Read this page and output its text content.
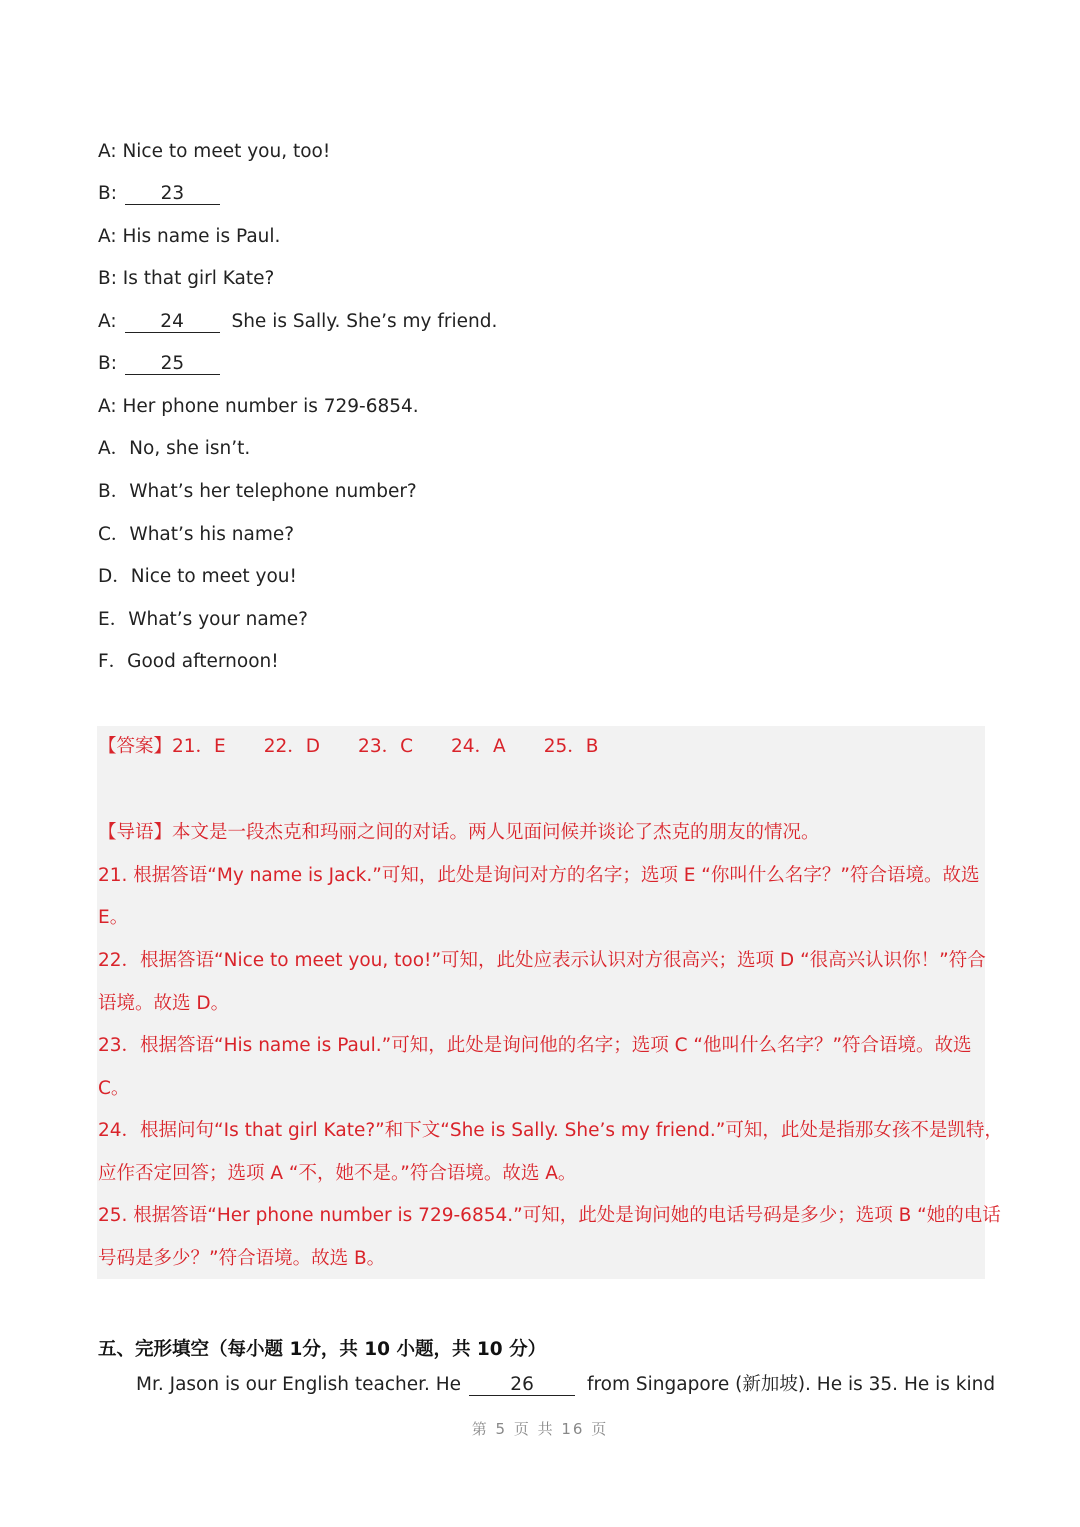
A: Nice to meet you, too!
B: 23
A: His name is Paul.
B: Is that girl Kate?
A: 24	She is Sally. She’s my friend.
B: 25
A: Her phone number is 729-6854.
A．No, she isn’t.
B．What’s her telephone number?
C．What’s his name?
D．Nice to meet you!
E．What’s your name?
F．Good afternoon!
【答案】21．E 22．D 23．C 24．A 25．B
【导语】本文是一段杰克和玛丽之间的对话。两人见面问候并谈论了杰克的朋友的情况。
21. 根据答语“My name is Jack.”可知，此处是询问对方的名字；选项 E “你叫什么名字？”符合语境。故选
E。
22．根据答语“Nice to meet you, too!”可知，此处应表示认识对方很高兴；选项 D “很高兴认识你！”符合
语境。故选 D。
23．根据答语“His name is Paul.”可知，此处是询问他的名字；选项 C “他叫什么名字？”符合语境。故选
C。
24．根据问句“Is that girl Kate?”和下文“She is Sally. She’s my friend.”可知，此处是指那女孩不是凯特，
应作否定回答；选项 A “不，她不是。”符合语境。故选 A。
25. 根据答语“Her phone number is 729-6854.”可知，此处是询问她的电话号码是多少；选项 B “她的电话
号码是多少？”符合语境。故选 B。
五、完形填空（每小题 1分，共 10 小题，共 10 分）
Mr. Jason is our English teacher. He	26	from Singapore (新加坡). He is 35. He is kind
第 5 页 共 16 页
